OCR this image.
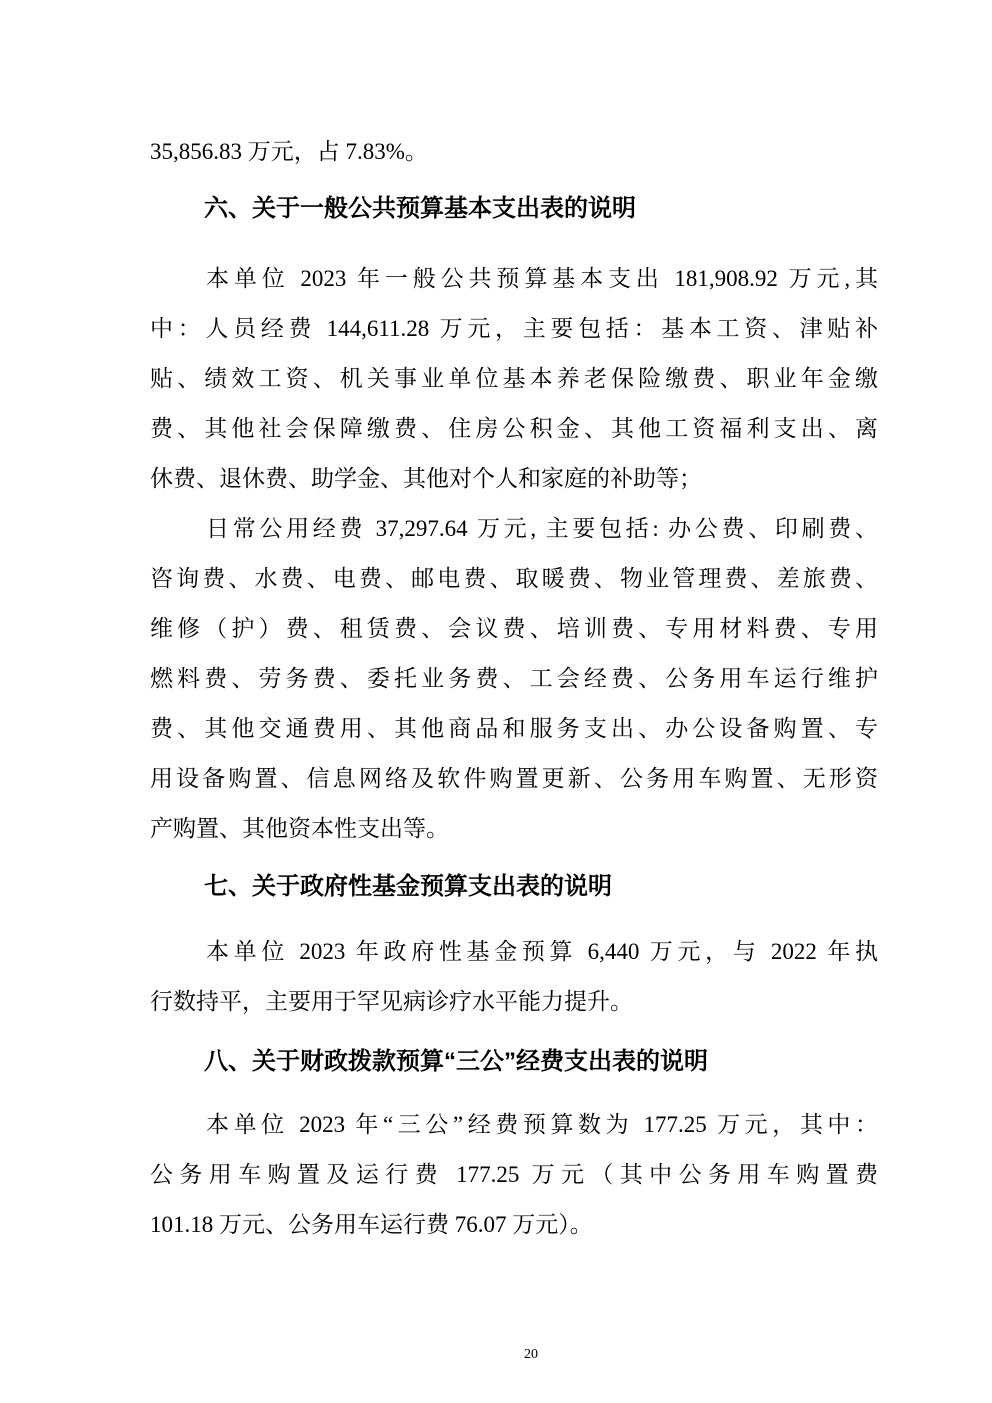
35,856.83 万元，占 7.83%。
六、关于一般公共预算基本支出表的说明
本单位 2023 年一般公共预算基本支出 181,908.92 万元,其
中：人员经费 144,611.28 万元，主要包括：基本工资、津贴补
贴、绩效工资、机关事业单位基本养老保险缴费、职业年金缴
费、其他社会保障缴费、住房公积金、其他工资福利支出、离
休费、退休费、助学金、其他对个人和家庭的补助等；
日常公用经费 37,297.64 万元, 主要包括: 办公费、印刷费、
咨询费、水费、电费、邮电费、取暖费、物业管理费、差旅费、
维修（护）费、租赁费、会议费、培训费、专用材料费、专用
燃料费、劳务费、委托业务费、工会经费、公务用车运行维护
费、其他交通费用、其他商品和服务支出、办公设备购置、专
用设备购置、信息网络及软件购置更新、公务用车购置、无形资
产购置、其他资本性支出等。
七、关于政府性基金预算支出表的说明
本单位 2023 年政府性基金预算 6,440 万元，与 2022 年执
行数持平，主要用于罕见病诊疗水平能力提升。
八、关于财政拨款预算“三公”经费支出表的说明
本单位 2023 年“三公”经费预算数为 177.25 万元，其中：
公务用车购置及运行费 177.25 万元（其中公务用车购置费
101.18 万元、公务用车运行费 76.07 万元）。
20
